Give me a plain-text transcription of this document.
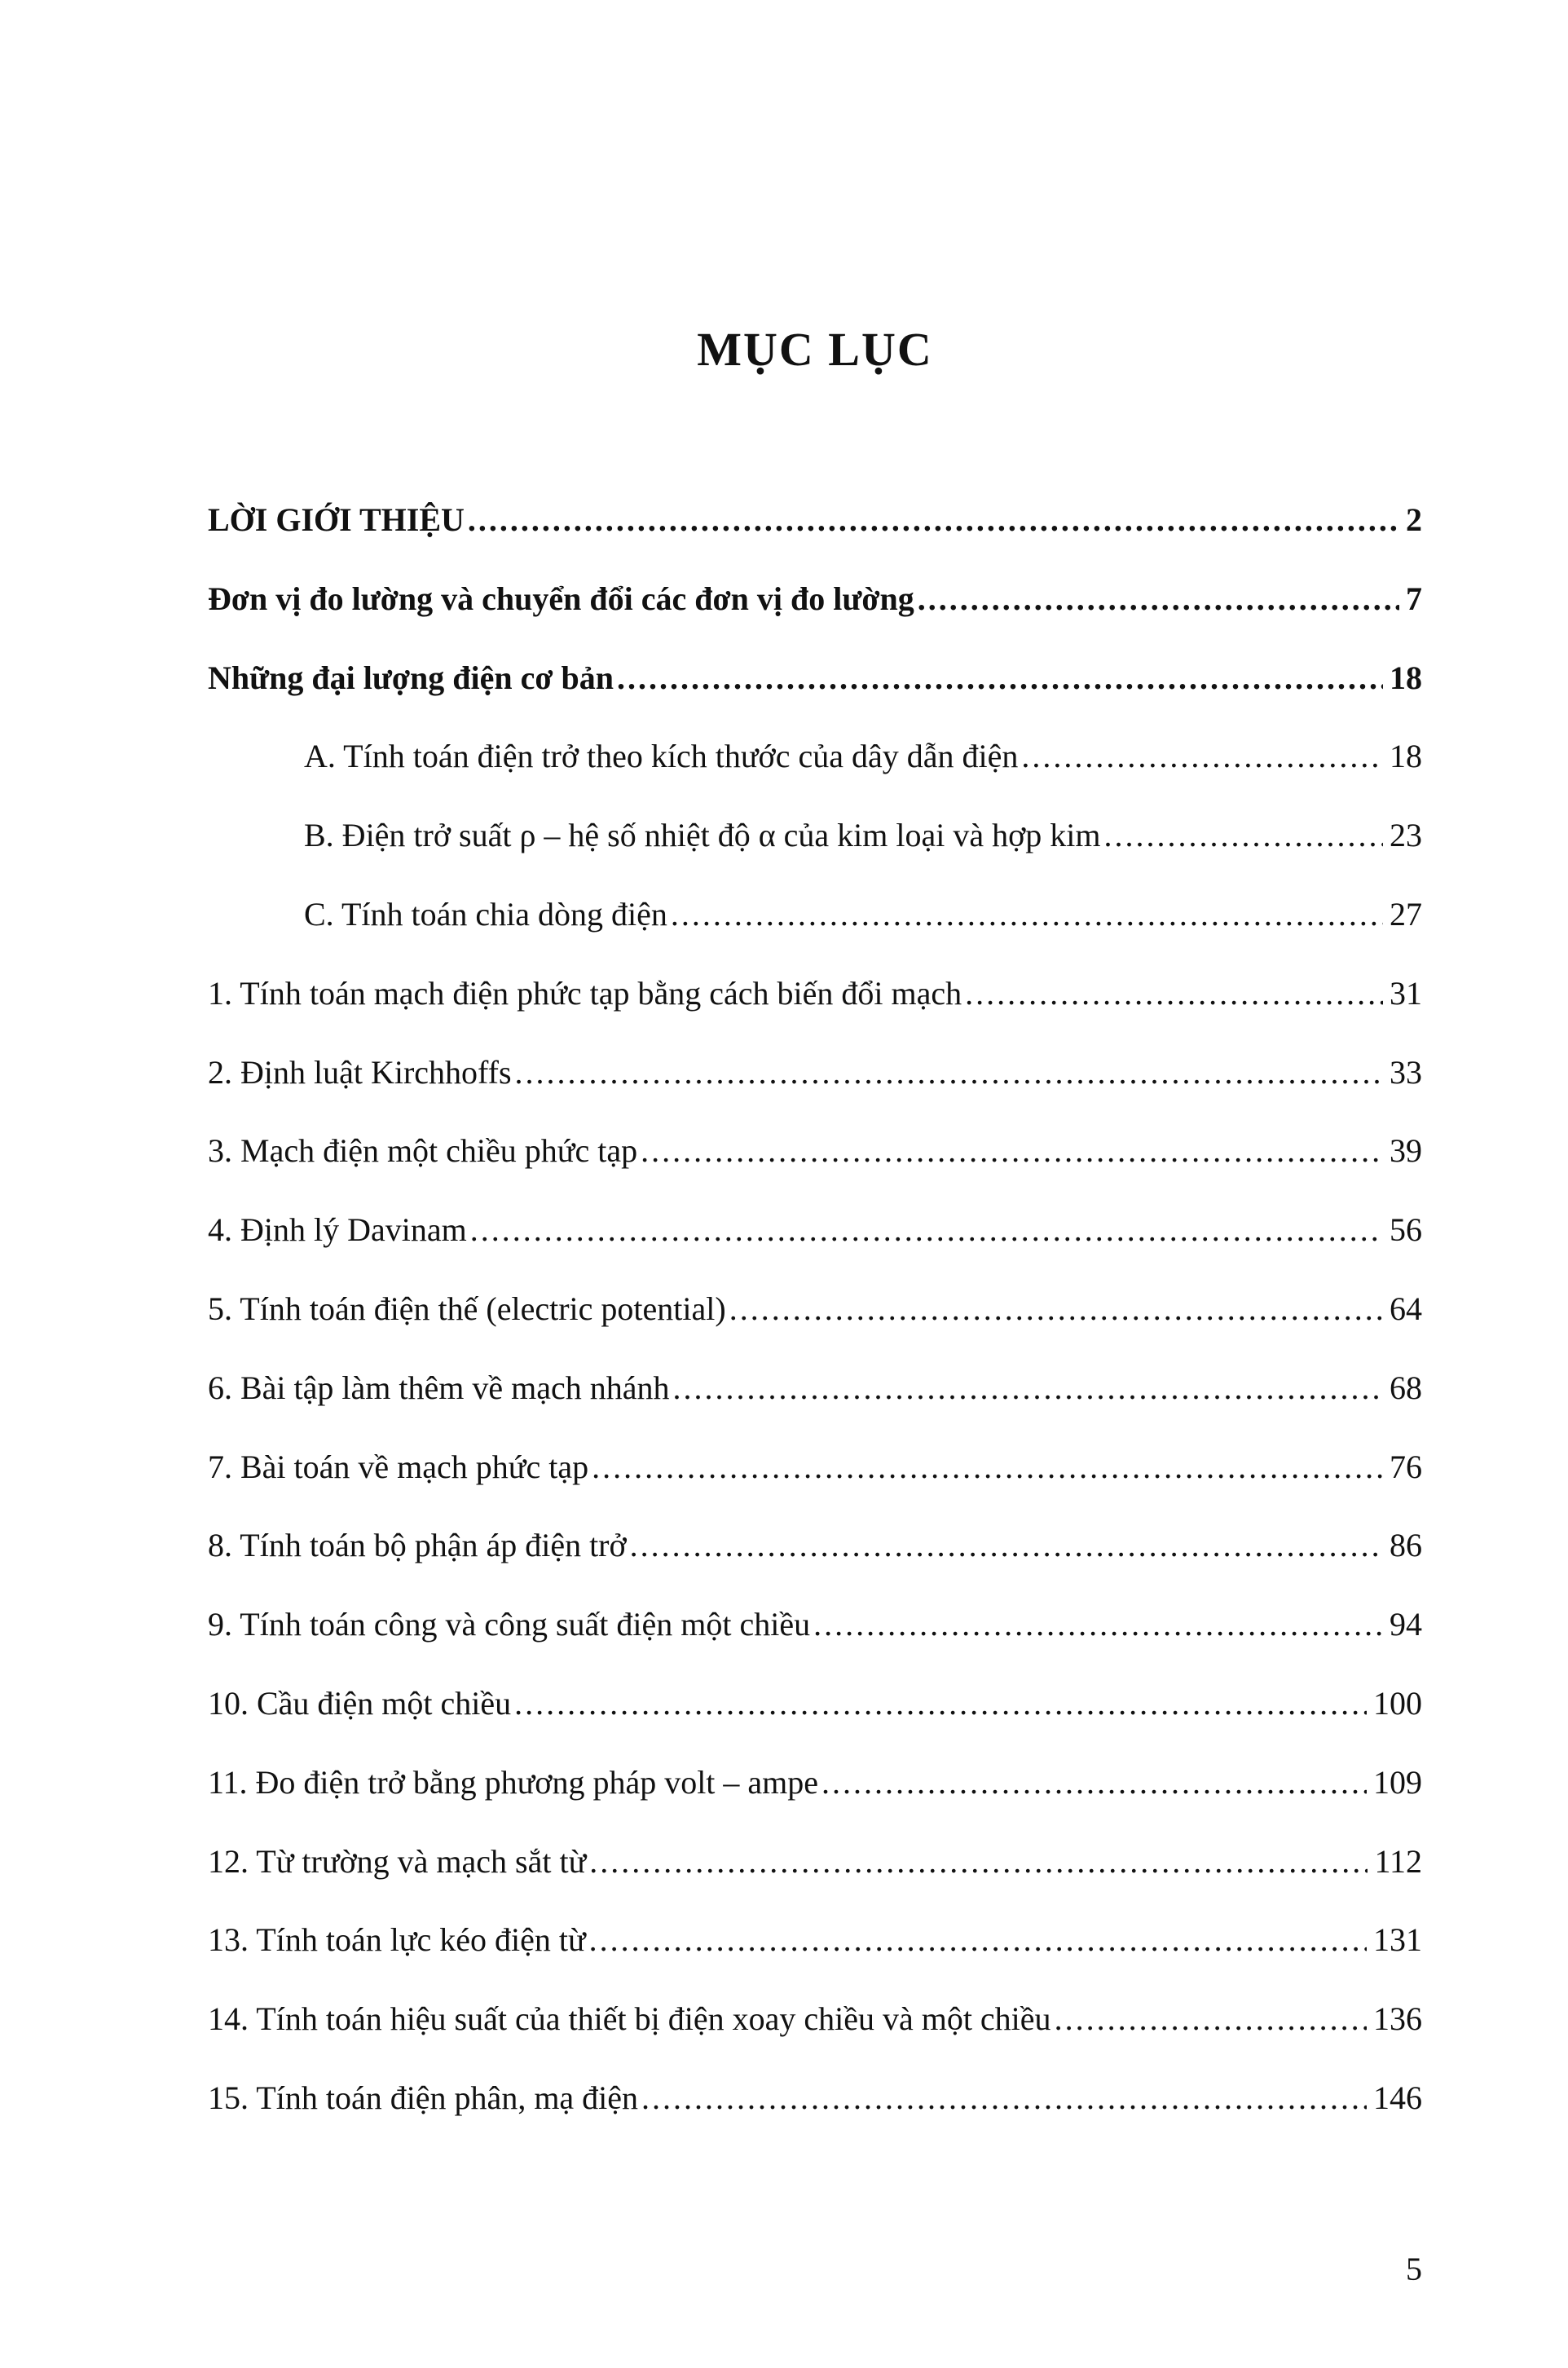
MỤC LỤC
LỜI GIỚI THIỆU .....	2
Đơn vị đo lường và chuyển đổi các đơn vị đo lường .....	7
Những đại lượng điện cơ bản .....	18
A. Tính toán điện trở theo kích thước của dây dẫn điện .....	18
B. Điện trở suất ρ – hệ số nhiệt độ α của kim loại và hợp kim .....	23
C. Tính toán chia dòng điện .....	27
1. Tính toán mạch điện phức tạp bằng cách biến đổi mạch .....	31
2. Định luật Kirchhoffs .....	33
3. Mạch điện một chiều phức tạp .....	39
4. Định lý Davinam .....	56
5. Tính toán điện thế (electric potential) .....	64
6. Bài tập làm thêm về mạch nhánh .....	68
7. Bài toán về mạch phức tạp .....	76
8. Tính toán bộ phận áp điện trở .....	86
9. Tính toán công và công suất điện một chiều .....	94
10. Cầu điện một chiều .....	100
11. Đo điện trở bằng phương pháp volt – ampe .....	109
12. Từ trường và mạch sắt từ .....	112
13. Tính toán lực kéo điện từ .....	131
14. Tính toán hiệu suất của thiết bị điện xoay chiều và một chiều .....	136
15. Tính toán điện phân, mạ điện .....	146
5
